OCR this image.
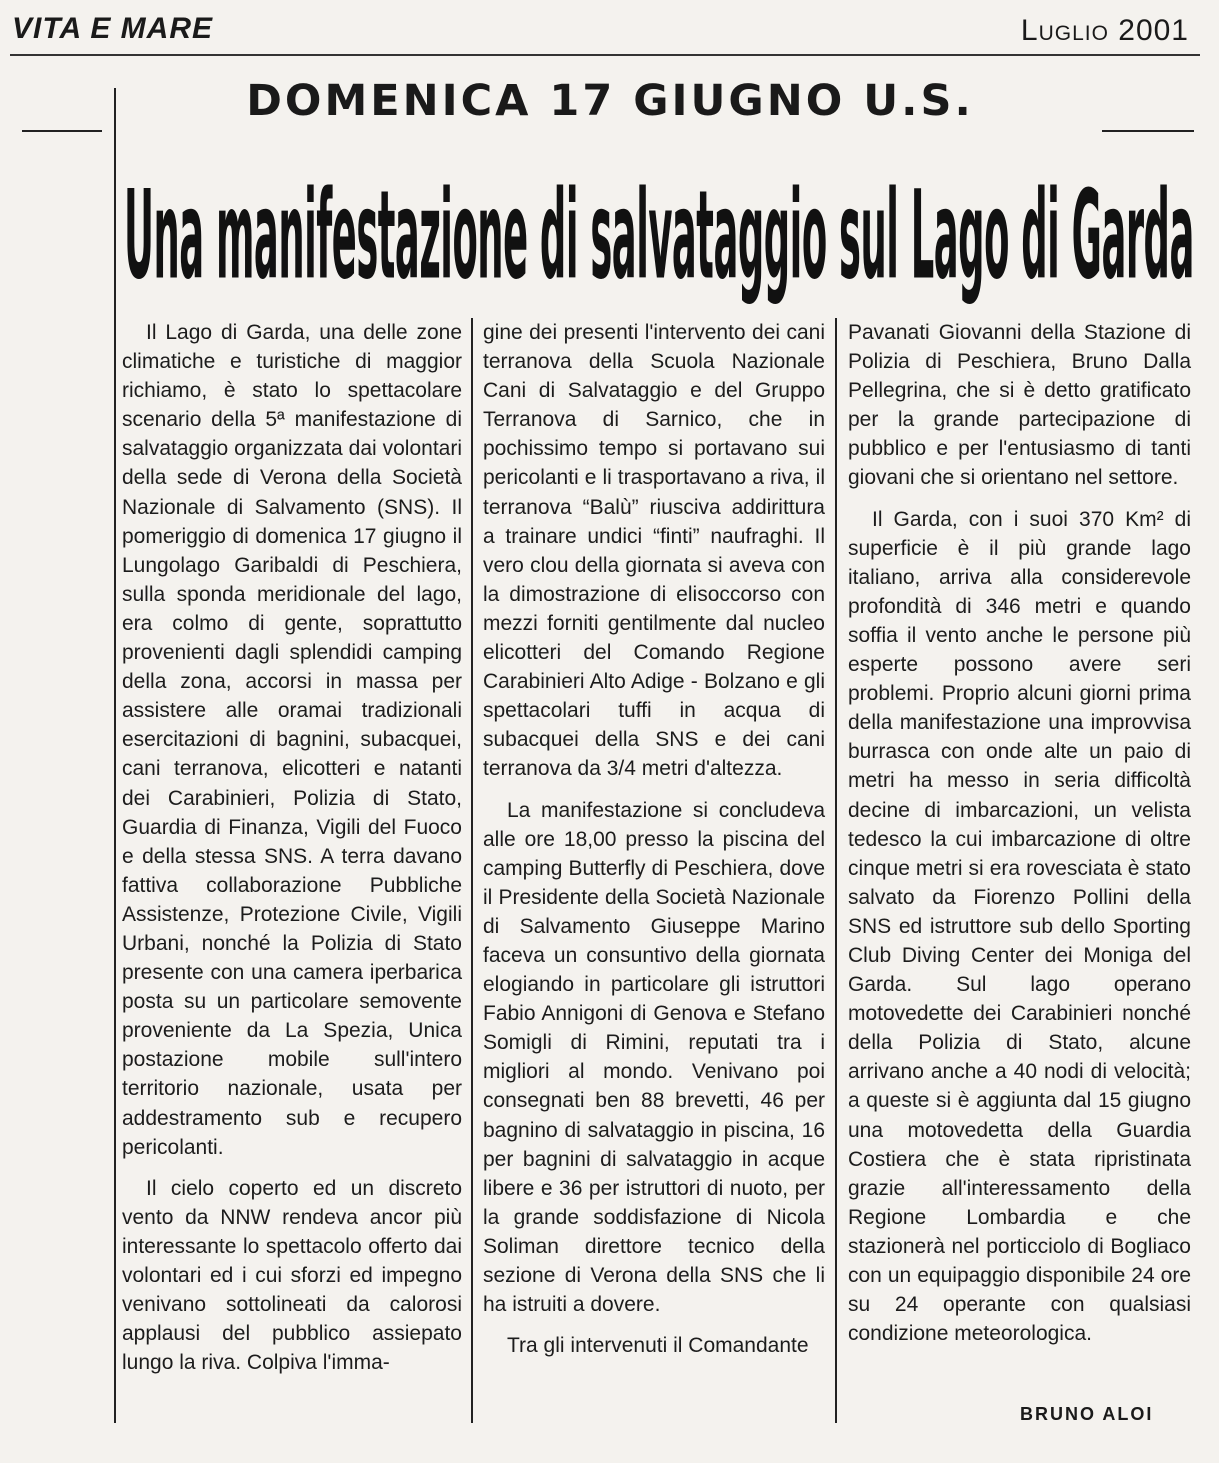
VITA E MARE	Luglio 2001
DOMENICA 17 GIUGNO U.S.
Una manifestazione di salvataggio sul Lago di Garda

Il Lago di Garda, una delle zone climatiche e turistiche di maggior richiamo, è stato lo spettacolare scenario della 5ª manifestazione di salvataggio organizzata dai volontari della sede di Verona della Società Nazionale di Salvamento (SNS). Il pomeriggio di domenica 17 giugno il Lungolago Garibaldi di Peschiera, sulla sponda meridionale del lago, era colmo di gente, soprattutto provenienti dagli splendidi camping della zona, accorsi in massa per assistere alle oramai tradizionali esercitazioni di bagnini, subacquei, cani terranova, elicotteri e natanti dei Carabinieri, Polizia di Stato, Guardia di Finanza, Vigili del Fuoco e della stessa SNS. A terra davano fattiva collaborazione Pubbliche Assistenze, Protezione Civile, Vigili Urbani, nonché la Polizia di Stato presente con una camera iperbarica posta su un particolare semovente proveniente da La Spezia, Unica postazione mobile sull'intero territorio nazionale, usata per addestramento sub e recupero pericolanti.

Il cielo coperto ed un discreto vento da NNW rendeva ancor più interessante lo spettacolo offerto dai volontari ed i cui sforzi ed impegno venivano sottolineati da calorosi applausi del pubblico assiepato lungo la riva. Colpiva l'imma-

gine dei presenti l'intervento dei cani terranova della Scuola Nazionale Cani di Salvataggio e del Gruppo Terranova di Sarnico, che in pochissimo tempo si portavano sui pericolanti e li trasportavano a riva, il terranova “Balù” riusciva addirittura a trainare undici “finti” naufraghi. Il vero clou della giornata si aveva con la dimostrazione di elisoccorso con mezzi forniti gentilmente dal nucleo elicotteri del Comando Regione Carabinieri Alto Adige - Bolzano e gli spettacolari tuffi in acqua di subacquei della SNS e dei cani terranova da 3/4 metri d'altezza.

La manifestazione si concludeva alle ore 18,00 presso la piscina del camping Butterfly di Peschiera, dove il Presidente della Società Nazionale di Salvamento Giuseppe Marino faceva un consuntivo della giornata elogiando in particolare gli istruttori Fabio Annigoni di Genova e Stefano Somigli di Rimini, reputati tra i migliori al mondo. Venivano poi consegnati ben 88 brevetti, 46 per bagnino di salvataggio in piscina, 16 per bagnini di salvataggio in acque libere e 36 per istruttori di nuoto, per la grande soddisfazione di Nicola Soliman direttore tecnico della sezione di Verona della SNS che li ha istruiti a dovere.

Tra gli intervenuti il Comandante

Pavanati Giovanni della Stazione di Polizia di Peschiera, Bruno Dalla Pellegrina, che si è detto gratificato per la grande partecipazione di pubblico e per l'entusiasmo di tanti giovani che si orientano nel settore.

Il Garda, con i suoi 370 Km² di superficie è il più grande lago italiano, arriva alla considerevole profondità di 346 metri e quando soffia il vento anche le persone più esperte possono avere seri problemi. Proprio alcuni giorni prima della manifestazione una improvvisa burrasca con onde alte un paio di metri ha messo in seria difficoltà decine di imbarcazioni, un velista tedesco la cui imbarcazione di oltre cinque metri si era rovesciata è stato salvato da Fiorenzo Pollini della SNS ed istruttore sub dello Sporting Club Diving Center dei Moniga del Garda. Sul lago operano motovedette dei Carabinieri nonché della Polizia di Stato, alcune arrivano anche a 40 nodi di velocità; a queste si è aggiunta dal 15 giugno una motovedetta della Guardia Costiera che è stata ripristinata grazie all'interessamento della Regione Lombardia e che stazionerà nel porticciolo di Bogliaco con un equipaggio disponibile 24 ore su 24 operante con qualsiasi condizione meteorologica.

BRUNO ALOI
